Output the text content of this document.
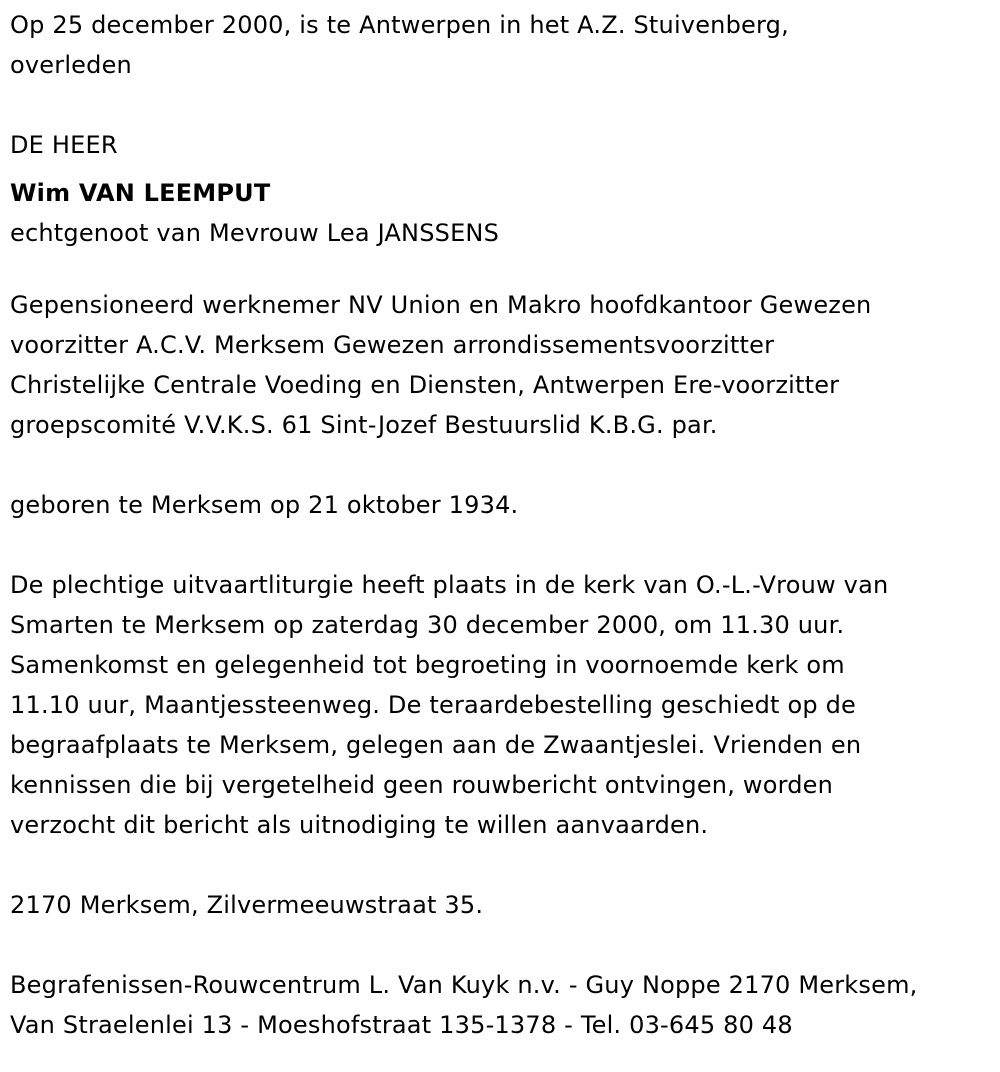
Op 25 december 2000, is te Antwerpen in het A.Z. Stuivenberg,
overleden
DE HEER
Wim VAN LEEMPUT
echtgenoot van Mevrouw Lea JANSSENS
Gepensioneerd werknemer NV Union en Makro hoofdkantoor Gewezen
voorzitter A.C.V. Merksem Gewezen arrondissementsvoorzitter
Christelijke Centrale Voeding en Diensten, Antwerpen Ere-voorzitter
groepscomité V.V.K.S. 61 Sint-Jozef Bestuurslid K.B.G. par.
geboren te Merksem op 21 oktober 1934.
De plechtige uitvaartliturgie heeft plaats in de kerk van O.-L.-Vrouw van
Smarten te Merksem op zaterdag 30 december 2000, om 11.30 uur.
Samenkomst en gelegenheid tot begroeting in voornoemde kerk om
11.10 uur, Maantjessteenweg. De teraardebestelling geschiedt op de
begraafplaats te Merksem, gelegen aan de Zwaantjeslei. Vrienden en
kennissen die bij vergetelheid geen rouwbericht ontvingen, worden
verzocht dit bericht als uitnodiging te willen aanvaarden.
2170 Merksem, Zilvermeeuwstraat 35.
Begrafenissen-Rouwcentrum L. Van Kuyk n.v. - Guy Noppe 2170 Merksem,
Van Straelenlei 13 - Moeshofstraat 135-1378 - Tel. 03-645 80 48
